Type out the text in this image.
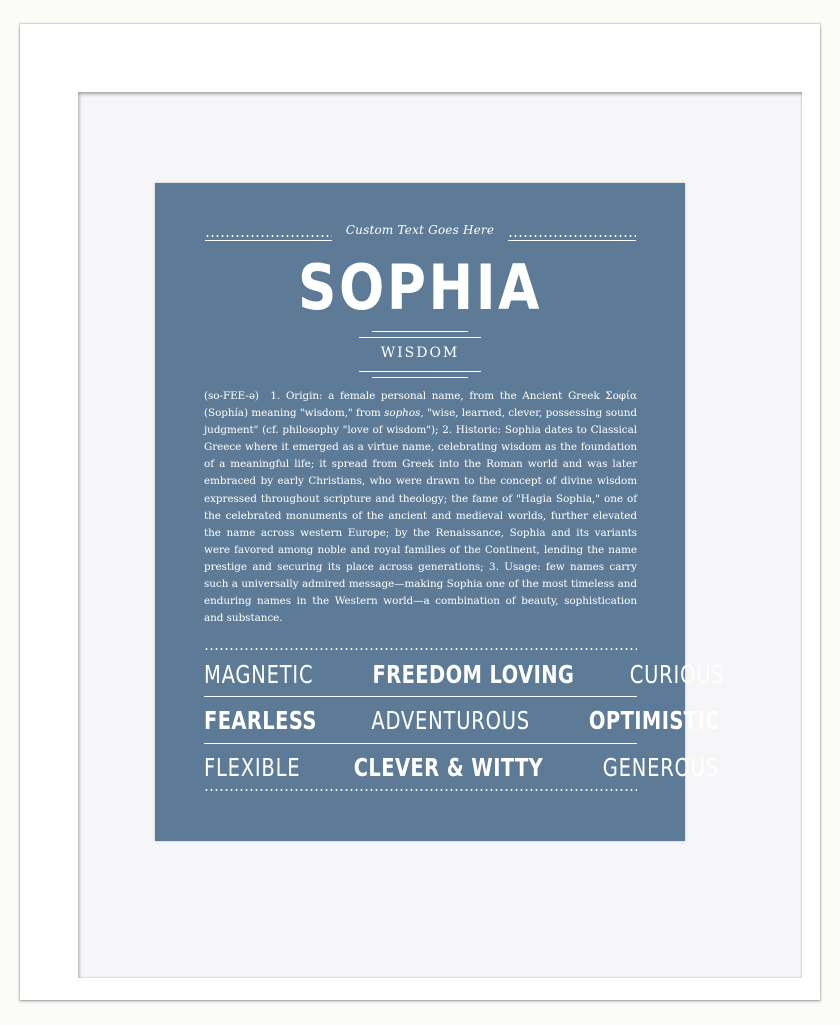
Custom Text Goes Here
SOPHIA
WISDOM
(so-FEE-ə) 1. Origin: a female personal name, from the Ancient Greek Σοφία (Sophía) meaning "wisdom," from sophos, "wise, learned, clever, possessing sound judgment" (cf. philosophy "love of wisdom"); 2. Historic: Sophia dates to Classical Greece where it emerged as a virtue name, celebrating wisdom as the foundation of a meaningful life; it spread from Greek into the Roman world and was later embraced by early Christians, who were drawn to the concept of divine wisdom expressed throughout scripture and theology; the fame of "Hagia Sophia," one of the celebrated monuments of the ancient and medieval worlds, further elevated the name across western Europe; by the Renaissance, Sophia and its variants were favored among noble and royal families of the Continent, lending the name prestige and securing its place across generations; 3. Usage: few names carry such a universally admired message—making Sophia one of the most timeless and enduring names in the Western world—a combination of beauty, sophistication and substance.
MAGNETIC FREEDOM LOVING CURIOUS
FEARLESS ADVENTUROUS OPTIMISTIC
FLEXIBLE CLEVER & WITTY GENEROUS
